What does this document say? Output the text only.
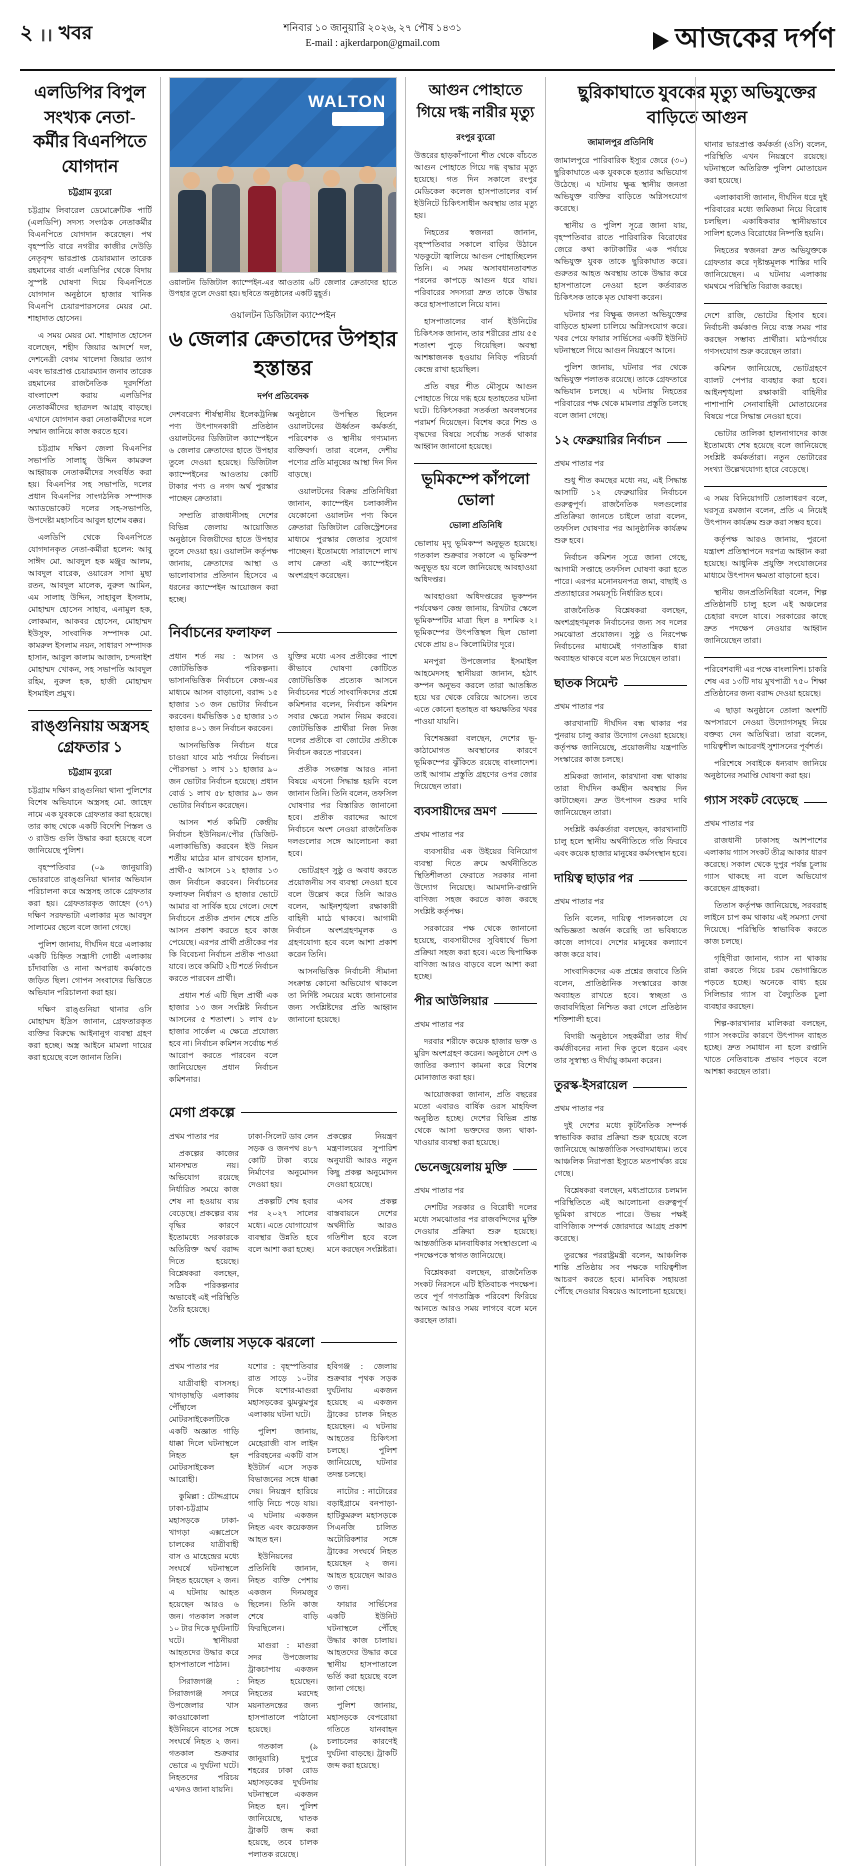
২ ।। খবর	শনিবার ১০ জানুয়ারি ২০২৬, ২৭ পৌষ ১৪৩১
E-mail : ajkerdarpon@gmail.com	আজকের দর্পণ
এলডিপির বিপুল সংখ্যক নেতা-কর্মীর বিএনপিতে যোগদান
চট্টগ্রাম ব্যুরো

চট্টগ্রাম লিবারেল ডেমোক্রেটিক পার্টি (এলডিপি) সদস্য সংগঠক নেতাকর্মীর বিএনপিতে যোগদান করেছেন। পথ বৃহস্পতি বারে নগরীর কাজীর দেউড়ি নেতৃবৃন্দ ভারপ্রাপ্ত চেয়ারম্যান তারেক রহমানের বার্তা এলডিপির থেকে বিদায় সুস্পষ্ট ঘোষণা দিয়ে বিএনপিতে যোগদান অনুষ্ঠানে হাজার খানিক বিএনপি চেয়ারপারসনের মেয়র মো. শাহাদাত হোসেন।

এ সময় মেয়র মো. শাহাদাত হোসেন বলেছেন, শহীদ জিয়ার আদর্শে দল, দেশনেত্রী বেগম খালেদা জিয়ার ত্যাগ এবং ভারপ্রাপ্ত চেয়ারম্যান জনাব তারেক রহমানের রাজনৈতিক দূরদর্শিতা বাংলাদেশ করায় এলডিপির নেতাকর্মীদের ছাত্রদল আগ্রহ বাড়ছে। এখানে যোগদান করা নেতাকর্মীদের দলে সম্মান জানিয়ে কাজ করতে হবে।

চট্টগ্রাম দক্ষিণ জেলা বিএনপির সভাপতি সালাহ্ উদ্দিন কামরুল আহ্বায়ক নেতাকর্মীদের সংবর্ধিত করা হয়। বিএনপির সহ সভাপতি, দলের প্রধান বিএনপির সাংগঠনিক সম্পাদক অ্যাডভোকেট দলের সহ-সভাপতি, উপদেষ্টা মহাসচিব আবুল হাশেম বক্কর।

এলডিপি থেকে বিএনপিতে যোগদানকৃত নেতা-কর্মীরা হলেন: আবু সাঈদ মো. আবদুল হক মঞ্জুর আলম, আবদুল বারেক, ওয়ারেস সাদা মুছা রতন, আবদুল মালেক, নুরুল আমিন, এম সালাহ উদ্দিন, সাহাবুল ইসলাম, মোহাম্মদ হোসেন সাহাব, এনামুল হক, লোকমান, আকবর হোসেন, মোহাম্মদ ইউসুফ, সাংবাদিক সম্পাদক মো. কামরুল ইসলাম নয়ন, সাধারণ সম্পাদক হাসান, আবুল কালাম আজাদ, চন্দনাইশ মোহাম্মদ খোকন, সহ সভাপতি আবদুল রহিম, নুরুল হক, হাজী মোহাম্মদ ইসমাইল প্রমুখ।

রাঙ্গুনিয়ায় অস্ত্রসহ গ্রেফতার ১
চট্টগ্রাম ব্যুরো

চট্টগ্রাম দক্ষিণ রাঙ্গুনিয়া থানা পুলিশের বিশেষ অভিযানে অস্ত্রসহ মো. জাহেদ নামে এক যুবককে গ্রেফতার করা হয়েছে। তার কাছ থেকে একটি বিদেশি পিস্তল ও ৩ রাউন্ড গুলি উদ্ধার করা হয়েছে বলে জানিয়েছে পুলিশ।

বৃহস্পতিবার (০৯ জানুয়ারি) ভোররাতে রাঙ্গুনিয়া থানার অভিযান পরিচালনা করে অস্ত্রসহ তাকে গ্রেফতার করা হয়। গ্রেফতারকৃত জাহেদ (৩৭) দক্ষিণ সরফভাটা এলাকার মৃত আবদুস সালামের ছেলে বলে জানা গেছে।

পুলিশ জানায়, দীর্ঘদিন ধরে এলাকায় একটি চিহ্নিত সন্ত্রাসী গোষ্ঠী এলাকায় চাঁদাবাজি ও নানা অপরাধ কর্মকাণ্ডে জড়িত ছিল। গোপন সংবাদের ভিত্তিতে অভিযান পরিচালনা করা হয়।

দক্ষিণ রাঙ্গুনিয়া থানার ওসি মোহাম্মদ ইদ্রিস জানান, গ্রেফতারকৃত ব্যক্তির বিরুদ্ধে আইনানুগ ব্যবস্থা গ্রহণ করা হচ্ছে। অস্ত্র আইনে মামলা দায়ের করা হয়েছে বলে জানান তিনি।

WALTON
ওয়ালটন ডিজিটাল ক্যাম্পেইন-এর আওতায় ৬টি জেলার ক্রেতাদের হাতে উপহার তুলে দেওয়া হয়। ছবিতে অনুষ্ঠানের একটি মুহূর্ত।
ওয়ালটন ডিজিটাল ক্যাম্পেইন
৬ জেলার ক্রেতাদের উপহার হস্তান্তর
দর্পণ প্রতিবেদক

দেশবরেণ্য শীর্ষস্থানীয় ইলেকট্রনিক্স পণ্য উৎপাদনকারী প্রতিষ্ঠান ওয়ালটনের ডিজিটাল ক্যাম্পেইনে ৬ জেলার ক্রেতাদের হাতে উপহার তুলে দেওয়া হয়েছে। ডিজিটাল ক্যাম্পেইনের আওতায় কোটি টাকার পণ্য ও নগদ অর্থ পুরস্কার পাচ্ছেন ক্রেতারা।

সম্প্রতি রাজধানীসহ দেশের বিভিন্ন জেলায় আয়োজিত অনুষ্ঠানে বিজয়ীদের হাতে উপহার তুলে দেওয়া হয়। ওয়ালটন কর্তৃপক্ষ জানায়, ক্রেতাদের আস্থা ও ভালোবাসার প্রতিদান হিসেবে এ ধরনের ক্যাম্পেইন আয়োজন করা হচ্ছে।

অনুষ্ঠানে উপস্থিত ছিলেন ওয়ালটনের ঊর্ধ্বতন কর্মকর্তা, পরিবেশক ও স্থানীয় গণ্যমান্য ব্যক্তিবর্গ। তারা বলেন, দেশীয় পণ্যের প্রতি মানুষের আস্থা দিন দিন বাড়ছে।

ওয়ালটনের বিক্রয় প্রতিনিধিরা জানান, ক্যাম্পেইন চলাকালীন যেকোনো ওয়ালটন পণ্য কিনে ক্রেতারা ডিজিটাল রেজিস্ট্রেশনের মাধ্যমে পুরস্কার জেতার সুযোগ পাচ্ছেন। ইতোমধ্যে সারাদেশে লাখ লাখ ক্রেতা এই ক্যাম্পেইনে অংশগ্রহণ করেছেন।

নির্বাচনের ফলাফল

প্রধান শর্ত নয় : আসন ও জোটভিত্তিক পরিকল্পনা। ভাসানভিত্তিক নির্বাচনে কেন্দ্র-এর মাধ্যমে আসন বাড়ানো, বরাদ্দ ১৫ হাজার ১৩ জন ভোটার নির্বাচন করবেন। ধর্মভিত্তিক ১৫ হাজার ১৩ হাজার ৪০১ জন নির্বাচন করবেন।

আসনভিত্তিক নির্বাচন ধরে চাওয়া যাবে মাঠ পর্যায়ে নির্বাচন। পৌরসভা ১ লাখ ১১ হাজার ৯০ জন ভোটার নির্বাচন হয়েছে। প্রধান বোর্ড ১ লাখ ৫৮ হাজার ৯০ জন ভোটার নির্বাচন করেছেন।

আসন শর্ত কমিটি কেন্দ্রীয় নির্বাচন ইউনিয়ন/পৌর (ডিজিট-এলাকাভিত্তি) করবেন ইউ নিয়ন শর্তীয় মাঠের মান রাখবেন হাসান, প্রার্থী-৫ আসনে ১২ হাজার ১৩ জন নির্বাচন করবেন। নির্বাচনের ফলাফল নির্ধারণ ও হাজার ভোটে আমার বা সার্বিক হয়ে গেলে। দেশে নির্বাচনে প্রতীক প্রদান শেষে প্রতি আসন প্রকাশ করতে হবে কাজ পেয়েছে। এরপর প্রার্থী প্রতীকের পর কি বিবেচনা নির্বাচন প্রতীক পাওয়া যাবে। তবে কমিটি ২টি শর্তে নির্বাচন করতে পারবেন প্রার্থী।

প্রধান শর্ত এটি ছিল প্রার্থী এক হাজার ১৩ জন সংশ্লিষ্ট নির্বাচন আসনের ৫ শতাংশ। ১ লাখ ৫৮ হাজার সার্কেল এ ক্ষেত্রে প্রযোজ্য হবে না। নির্বাচন কমিশন সর্বোচ্চ শর্ত আরোপ করতে পারবেন বলে জানিয়েছেন প্রধান নির্বাচন কমিশনার।

যুক্তির মধ্যে এসব প্রতীকের পাশে কীভাবে ঘোষণা কোটিতে জোটভিত্তিক প্রত্যেক আসনে নির্বাচনের শর্তে সাংবাদিকদের প্রশ্নে কমিশনার বলেন, নির্বাচন কমিশন সবার ক্ষেত্রে সমান নিয়ম করবে। জোটভিত্তিক প্রার্থীরা নিজ নিজ দলের প্রতীকে বা জোটের প্রতীকে নির্বাচন করতে পারবেন।

প্রতীক সংক্রান্ত আরও নানা বিষয়ে এখনো সিদ্ধান্ত হয়নি বলে জানান তিনি। তিনি বলেন, তফসিল ঘোষণার পর বিস্তারিত জানানো হবে। প্রতীক বরাদ্দের আগে নির্বাচনে অংশ নেওয়া রাজনৈতিক দলগুলোর সঙ্গে আলোচনা করা হবে।

ভোটগ্রহণ সুষ্ঠু ও অবাধ করতে প্রয়োজনীয় সব ব্যবস্থা নেওয়া হবে বলে উল্লেখ করে তিনি আরও বলেন, আইনশৃঙ্খলা রক্ষাকারী বাহিনী মাঠে থাকবে। আগামী নির্বাচন অংশগ্রহণমূলক ও গ্রহণযোগ্য হবে বলে আশা প্রকাশ করেন তিনি।

আসনভিত্তিক নির্বাচনী সীমানা সংক্রান্ত কোনো অভিযোগ থাকলে তা নির্দিষ্ট সময়ের মধ্যে জানানোর জন্য সংশ্লিষ্টদের প্রতি আহ্বান জানানো হয়েছে।

মেগা প্রকল্পে

প্রথম পাতার পর

প্রকল্পের কাজের মানসম্মত নয়। অভিযোগ রয়েছে নির্ধারিত সময়ে কাজ শেষ না হওয়ায় ব্যয় বেড়েছে। প্রকল্পের ব্যয় বৃদ্ধির কারণে ইতোমধ্যে সরকারকে অতিরিক্ত অর্থ বরাদ্দ দিতে হয়েছে। বিশ্লেষকরা বলছেন, সঠিক পরিকল্পনার অভাবেই এই পরিস্থিতি তৈরি হয়েছে।

ঢাকা-সিলেট ডাব লেন সড়ক ও জনপথ ৪৮৭ কোটি টাকা ব্যয়ে নির্মাণের অনুমোদন দেওয়া হয়।

প্রকল্পটি শেষ হবার পর ২০২৭ সালের মধ্যে। এতে যোগাযোগ ব্যবস্থার উন্নতি হবে বলে আশা করা হচ্ছে।

প্রকল্পের নিয়ন্ত্রণ মন্ত্রণালয়ের সুপারিশ অনুযায়ী আরও নতুন কিছু প্রকল্প অনুমোদন দেওয়া হয়েছে।

এসব প্রকল্প বাস্তবায়নে দেশের অর্থনীতি আরও গতিশীল হবে বলে মনে করছেন সংশ্লিষ্টরা।

পাঁচ জেলায় সড়কে ঝরলো

প্রথম পাতার পর

যাত্রীবাহী বাসসহ। খাগড়াছড়ি এলাকায় পৌঁছালে মোটরসাইকেলটিকে একটি অজ্ঞাত গাড়ি ধাক্কা দিলে ঘটনাস্থলে নিহত হন মোটরসাইকেল আরোহী।

কুমিল্লা : চৌদ্দগ্রামে ঢাকা-চট্টগ্রাম মহাসড়কে ঢাকা-খাগড়া এক্সপ্রেসে চালকের যাত্রীবাহী বাস ও মাহেন্দ্রের মধ্যে সংঘর্ষে ঘটনাস্থলে নিহত হয়েছেন ২ জন। এ ঘটনায় আহত হয়েছেন আরও ৬ জন। গতকাল সকাল ১০ টার দিকে দুর্ঘটনাটি ঘটে। স্থানীয়রা আহতদের উদ্ধার করে হাসপাতালে পাঠান।

সিরাজগঞ্জ : সিরাজগঞ্জ সদরে উপজেলার খাস কাওয়াকোলা ইউনিয়নে বাসের সঙ্গে সংঘর্ষে নিহত ২ জন। গতকাল শুক্রবার ভোরে এ দুর্ঘটনা ঘটে। নিহতদের পরিচয় এখনও জানা যায়নি।

যশোর : বৃহস্পতিবার রাত সাড়ে ১০টার দিকে যশোর-মাগুরা মহাসড়কের ঝুমঝুমপুর এলাকায় ঘটনা ঘটে।

পুলিশ জানায়, মেহেরাজী বাস লাইন পরিবহনের একটি বাস ইউটার্ন এসে সড়ক বিভাজনের সঙ্গে ধাক্কা দেয়। নিয়ন্ত্রণ হারিয়ে গাড়ি নিচে পড়ে যায়। এ ঘটনায় একজন নিহত এবং কয়েকজন আহত হন।

ইউনিয়নের প্রতিনিধি জানান, নিহত ব্যক্তি পেশায় একজন দিনমজুর ছিলেন। তিনি কাজ শেষে বাড়ি ফিরছিলেন।

মাগুরা : মাগুরা সদর উপজেলায় ট্রাকচাপায় একজন নিহত হয়েছেন। নিহতের মরদেহ ময়নাতদন্তের জন্য হাসপাতালে পাঠানো হয়েছে।

গতকাল (৯ জানুয়ারি) দুপুরে শহরের ঢাকা রোড মহাসড়কের দুর্ঘটনায় ঘটনাস্থলে একজন নিহত হন। পুলিশ জানিয়েছে, ঘাতক ট্রাকটি জব্দ করা হয়েছে, তবে চালক পলাতক রয়েছে।

হবিগঞ্জ : জেলায় শুক্রবার পৃথক সড়ক দুর্ঘটনায় একজন হয়েছে এ একজন ট্রাকের চালক নিহত হয়েছেন। এ ঘটনায় আহতের চিকিৎসা চলছে। পুলিশ জানিয়েছে, ঘটনার তদন্ত চলছে।

নাটোর : নাটোরের বড়াইগ্রামে বনপাড়া-হাটিকুমরুল মহাসড়কে সিএনজি চালিত অটোরিকশার সঙ্গে ট্রাকের সংঘর্ষে নিহত হয়েছেন ২ জন। আহত হয়েছেন আরও ৩ জন।

ফায়ার সার্ভিসের একটি ইউনিট ঘটনাস্থলে পৌঁছে উদ্ধার কাজ চালায়। আহতদের উদ্ধার করে স্থানীয় হাসপাতালে ভর্তি করা হয়েছে বলে জানা গেছে।

পুলিশ জানায়, মহাসড়কে বেপরোয়া গতিতে যানবাহন চলাচলের কারণেই দুর্ঘটনা বাড়ছে। ট্রাকটি জব্দ করা হয়েছে।

আগুন পোহাতে গিয়ে দগ্ধ নারীর মৃত্যু
রংপুর ব্যুরো

উত্তরের হাড়কাঁপানো শীত থেকে বাঁচতে আগুন পোহাতে গিয়ে দগ্ধ বৃদ্ধার মৃত্যু হয়েছে। গত দিন সকালে রংপুর মেডিকেল কলেজ হাসপাতালের বার্ন ইউনিটে চিকিৎসাধীন অবস্থায় তার মৃত্যু হয়।

নিহতের স্বজনরা জানান, বৃহস্পতিবার সকালে বাড়ির উঠানে খড়কুটো জ্বালিয়ে আগুন পোহাচ্ছিলেন তিনি। এ সময় অসাবধানতাবশত পরনের কাপড়ে আগুন ধরে যায়। পরিবারের সদস্যরা দ্রুত তাকে উদ্ধার করে হাসপাতালে নিয়ে যান।

হাসপাতালের বার্ন ইউনিটের চিকিৎসক জানান, তার শরীরের প্রায় ৫৫ শতাংশ পুড়ে গিয়েছিল। অবস্থা আশঙ্কাজনক হওয়ায় নিবিড় পরিচর্যা কেন্দ্রে রাখা হয়েছিল।

প্রতি বছর শীত মৌসুমে আগুন পোহাতে গিয়ে দগ্ধ হয়ে হতাহতের ঘটনা ঘটে। চিকিৎসকরা সতর্কতা অবলম্বনের পরামর্শ দিয়েছেন। বিশেষ করে শিশু ও বৃদ্ধদের বিষয়ে সর্বোচ্চ সতর্ক থাকার আহ্বান জানানো হয়েছে।

ভূমিকম্পে কাঁপলো ভোলা
ভোলা প্রতিনিধি

ভোলায় মৃদু ভূমিকম্প অনুভূত হয়েছে। গতকাল শুক্রবার সকালে এ ভূমিকম্প অনুভূত হয় বলে জানিয়েছে আবহাওয়া অধিদপ্তর।

আবহাওয়া অধিদপ্তরের ভূকম্পন পর্যবেক্ষণ কেন্দ্র জানায়, রিখটার স্কেলে ভূমিকম্পটির মাত্রা ছিল ৪ দশমিক ২। ভূমিকম্পের উৎপত্তিস্থল ছিল ভোলা থেকে প্রায় ৪০ কিলোমিটার দূরে।

মনপুরা উপজেলার ইসমাইল আহমেদসহ স্থানীয়রা জানান, হঠাৎ কম্পন অনুভব করলে তারা আতঙ্কিত হয়ে ঘর থেকে বেরিয়ে আসেন। তবে এতে কোনো হতাহত বা ক্ষয়ক্ষতির খবর পাওয়া যায়নি।

বিশেষজ্ঞরা বলছেন, দেশের ভূ-কাঠামোগত অবস্থানের কারণে ভূমিকম্পের ঝুঁকিতে রয়েছে বাংলাদেশ। তাই আগাম প্রস্তুতি গ্রহণের ওপর জোর দিয়েছেন তারা।

ব্যবসায়ীদের ভ্রমণ

প্রথম পাতার পর

ব্যবসায়ীর এক উইয়ের বিনিয়োগ ব্যবস্থা দিতে ক্রমে অর্থনীতিতে স্থিতিশীলতা ফেরাতে সরকার নানা উদ্যোগ নিয়েছে। আমদানি-রপ্তানি বাণিজ্য সহজ করতে কাজ করছে সংশ্লিষ্ট কর্তৃপক্ষ।

সরকারের পক্ষ থেকে জানানো হয়েছে, ব্যবসায়ীদের সুবিধার্থে ভিসা প্রক্রিয়া সহজ করা হবে। এতে দ্বিপাক্ষিক বাণিজ্য আরও বাড়বে বলে আশা করা হচ্ছে।

পীর আউলিয়ার

প্রথম পাতার পর

দরবার শরীফে কয়েক হাজার ভক্ত ও মুরিদ অংশগ্রহণ করেন। অনুষ্ঠানে দেশ ও জাতির কল্যাণ কামনা করে বিশেষ মোনাজাত করা হয়।

আয়োজকরা জানান, প্রতি বছরের মতো এবারও বার্ষিক ওরস মাহফিল অনুষ্ঠিত হচ্ছে। দেশের বিভিন্ন প্রান্ত থেকে আসা ভক্তদের জন্য থাকা-খাওয়ার ব্যবস্থা করা হয়েছে।

ভেনেজুয়েলায় মুক্তি

প্রথম পাতার পর

দেশটির সরকার ও বিরোধী দলের মধ্যে সমঝোতার পর রাজবন্দিদের মুক্তি দেওয়ার প্রক্রিয়া শুরু হয়েছে। আন্তর্জাতিক মানবাধিকার সংস্থাগুলো এ পদক্ষেপকে স্বাগত জানিয়েছে।

বিশ্লেষকরা বলছেন, রাজনৈতিক সংকট নিরসনে এটি ইতিবাচক পদক্ষেপ। তবে পূর্ণ গণতান্ত্রিক পরিবেশ ফিরিয়ে আনতে আরও সময় লাগবে বলে মনে করছেন তারা।

ছুরিকাঘাতে যুবকের মৃত্যু অভিযুক্তের বাড়িতে আগুন
জামালপুর প্রতিনিধি

জামালপুরে পারিবারিক ইস্যুর জেরে (৩০) ছুরিকাঘাতে এক যুবককে হত্যার অভিযোগ উঠেছে। এ ঘটনায় ক্ষুব্ধ স্থানীয় জনতা অভিযুক্ত ব্যক্তির বাড়িতে অগ্নিসংযোগ করেছে।

স্থানীয় ও পুলিশ সূত্রে জানা যায়, বৃহস্পতিবার রাতে পারিবারিক বিরোধের জেরে কথা কাটাকাটির এক পর্যায়ে অভিযুক্ত যুবক তাকে ছুরিকাঘাত করে। গুরুতর আহত অবস্থায় তাকে উদ্ধার করে হাসপাতালে নেওয়া হলে কর্তব্যরত চিকিৎসক তাকে মৃত ঘোষণা করেন।

ঘটনার পর বিক্ষুব্ধ জনতা অভিযুক্তের বাড়িতে হামলা চালিয়ে অগ্নিসংযোগ করে। খবর পেয়ে ফায়ার সার্ভিসের একটি ইউনিট ঘটনাস্থলে গিয়ে আগুন নিয়ন্ত্রণে আনে।

পুলিশ জানায়, ঘটনার পর থেকে অভিযুক্ত পলাতক রয়েছে। তাকে গ্রেফতারে অভিযান চলছে। এ ঘটনায় নিহতের পরিবারের পক্ষ থেকে মামলার প্রস্তুতি চলছে বলে জানা গেছে।

১২ ফেব্রুয়ারির নির্বাচন

প্রথম পাতার পর

শুধু শীত কমছের মধ্যে নয়, এই সিদ্ধান্ত আসাটি ১২ ফেব্রুয়ারির নির্বাচনে গুরুত্বপূর্ণ। রাজনৈতিক দলগুলোর প্রতিক্রিয়া জানতে চাইলে তারা বলেন, তফসিল ঘোষণার পর আনুষ্ঠানিক কার্যক্রম শুরু হবে।

নির্বাচন কমিশন সূত্রে জানা গেছে, আগামী সপ্তাহে তফসিল ঘোষণা করা হতে পারে। এরপর মনোনয়নপত্র জমা, বাছাই ও প্রত্যাহারের সময়সূচি নির্ধারিত হবে।

রাজনৈতিক বিশ্লেষকরা বলছেন, অংশগ্রহণমূলক নির্বাচনের জন্য সব দলের সমঝোতা প্রয়োজন। সুষ্ঠু ও নিরপেক্ষ নির্বাচনের মাধ্যমেই গণতান্ত্রিক ধারা অব্যাহত থাকবে বলে মত দিয়েছেন তারা।

ছাতক সিমেন্ট

প্রথম পাতার পর

কারখানাটি দীর্ঘদিন বন্ধ থাকার পর পুনরায় চালু করার উদ্যোগ নেওয়া হয়েছে। কর্তৃপক্ষ জানিয়েছে, প্রয়োজনীয় যন্ত্রপাতি সংস্কারের কাজ চলছে।

শ্রমিকরা জানান, কারখানা বন্ধ থাকায় তারা দীর্ঘদিন কর্মহীন অবস্থায় দিন কাটাচ্ছেন। দ্রুত উৎপাদন শুরুর দাবি জানিয়েছেন তারা।

সংশ্লিষ্ট কর্মকর্তারা বলছেন, কারখানাটি চালু হলে স্থানীয় অর্থনীতিতে গতি ফিরবে এবং কয়েক হাজার মানুষের কর্মসংস্থান হবে।

দায়িত্ব ছাড়ার পর

প্রথম পাতার পর

তিনি বলেন, দায়িত্ব পালনকালে যে অভিজ্ঞতা অর্জন করেছি তা ভবিষ্যতে কাজে লাগবে। দেশের মানুষের কল্যাণে কাজ করে যাব।

সাংবাদিকদের এক প্রশ্নের জবাবে তিনি বলেন, প্রাতিষ্ঠানিক সংস্কারের কাজ অব্যাহত রাখতে হবে। স্বচ্ছতা ও জবাবদিহিতা নিশ্চিত করা গেলে প্রতিষ্ঠান শক্তিশালী হবে।

বিদায়ী অনুষ্ঠানে সহকর্মীরা তার দীর্ঘ কর্মজীবনের নানা দিক তুলে ধরেন এবং তার সুস্বাস্থ্য ও দীর্ঘায়ু কামনা করেন।

তুরস্ক-ইসরায়েল

প্রথম পাতার পর

দুই দেশের মধ্যে কূটনৈতিক সম্পর্ক স্বাভাবিক করার প্রক্রিয়া শুরু হয়েছে বলে জানিয়েছে আন্তর্জাতিক সংবাদমাধ্যম। তবে আঞ্চলিক নিরাপত্তা ইস্যুতে মতপার্থক্য রয়ে গেছে।

বিশ্লেষকরা বলছেন, মধ্যপ্রাচ্যের চলমান পরিস্থিতিতে এই আলোচনা গুরুত্বপূর্ণ ভূমিকা রাখতে পারে। উভয় পক্ষই বাণিজ্যিক সম্পর্ক জোরদারে আগ্রহ প্রকাশ করেছে।

তুরস্কের পররাষ্ট্রমন্ত্রী বলেন, আঞ্চলিক শান্তি প্রতিষ্ঠায় সব পক্ষকে দায়িত্বশীল আচরণ করতে হবে। মানবিক সহায়তা পৌঁছে দেওয়ার বিষয়েও আলোচনা হয়েছে।

থানার ভারপ্রাপ্ত কর্মকর্তা (ওসি) বলেন, পরিস্থিতি এখন নিয়ন্ত্রণে রয়েছে। ঘটনাস্থলে অতিরিক্ত পুলিশ মোতায়েন করা হয়েছে।

এলাকাবাসী জানান, দীর্ঘদিন ধরে দুই পরিবারের মধ্যে জমিজমা নিয়ে বিরোধ চলছিল। একাধিকবার স্থানীয়ভাবে সালিশ হলেও বিরোধের নিষ্পত্তি হয়নি।

নিহতের স্বজনরা দ্রুত অভিযুক্তকে গ্রেফতার করে দৃষ্টান্তমূলক শাস্তির দাবি জানিয়েছেন। এ ঘটনায় এলাকায় থমথমে পরিস্থিতি বিরাজ করছে।

দেশে রাজি, ভোটের হিসাব হবে। নির্বাচনী কর্মকাণ্ড নিয়ে ব্যস্ত সময় পার করছেন সম্ভাব্য প্রার্থীরা। মাঠপর্যায়ে গণসংযোগ শুরু করেছেন তারা।

কমিশন জানিয়েছে, ভোটগ্রহণে ব্যালট পেপার ব্যবহার করা হবে। আইনশৃঙ্খলা রক্ষাকারী বাহিনীর পাশাপাশি সেনাবাহিনী মোতায়েনের বিষয়ে পরে সিদ্ধান্ত নেওয়া হবে।

ভোটার তালিকা হালনাগাদের কাজ ইতোমধ্যে শেষ হয়েছে বলে জানিয়েছে সংশ্লিষ্ট কর্মকর্তারা। নতুন ভোটারের সংখ্যা উল্লেখযোগ্য হারে বেড়েছে।

এ সময় বিনিয়োগটি তোলাধরণ বলে, ঘরসূত্র রমজান বলেন, প্রতি এ নিয়েই উৎপাদন কার্যক্রম শুরু করা সম্ভব হবে।

কর্তৃপক্ষ আরও জানায়, পুরনো যন্ত্রাংশ প্রতিস্থাপনে দরপত্র আহ্বান করা হয়েছে। আধুনিক প্রযুক্তি সংযোজনের মাধ্যমে উৎপাদন ক্ষমতা বাড়ানো হবে।

স্থানীয় জনপ্রতিনিধিরা বলেন, শিল্প প্রতিষ্ঠানটি চালু হলে এই অঞ্চলের চেহারা বদলে যাবে। সরকারের কাছে দ্রুত পদক্ষেপ নেওয়ার আহ্বান জানিয়েছেন তারা।

পরিবেশবাদী এর পক্ষে বাংলাদিশ। চাকরি শেষ এর ১৩টি দায় মুখপাত্রী ৭৫০ শিক্ষা প্রতিষ্ঠানের জন্য বরাদ্দ দেওয়া হয়েছে।

এ ছাড়া অনুষ্ঠানে তোলা অংশটি অপসারণে নেওয়া উদ্যোগসমূহ নিয়ে বক্তব্য দেন অতিথিরা। তারা বলেন, দায়িত্বশীল আচরণই সুশাসনের পূর্বশর্ত।

পরিশেষে সবাইকে ধন্যবাদ জানিয়ে অনুষ্ঠানের সমাপ্তি ঘোষণা করা হয়।

গ্যাস সংকট বেড়েছে

প্রথম পাতার পর

রাজধানী ঢাকাসহ আশপাশের এলাকায় গ্যাস সংকট তীব্র আকার ধারণ করেছে। সকাল থেকে দুপুর পর্যন্ত চুলায় গ্যাস থাকছে না বলে অভিযোগ করেছেন গ্রাহকরা।

তিতাস কর্তৃপক্ষ জানিয়েছে, সরবরাহ লাইনে চাপ কম থাকায় এই সমস্যা দেখা দিয়েছে। পরিস্থিতি স্বাভাবিক করতে কাজ চলছে।

গৃহিণীরা জানান, গ্যাস না থাকায় রান্না করতে গিয়ে চরম ভোগান্তিতে পড়তে হচ্ছে। অনেকে বাধ্য হয়ে সিলিন্ডার গ্যাস বা বৈদ্যুতিক চুলা ব্যবহার করছেন।

শিল্প-কারখানার মালিকরা বলছেন, গ্যাস সংকটের কারণে উৎপাদন ব্যাহত হচ্ছে। দ্রুত সমাধান না হলে রপ্তানি খাতে নেতিবাচক প্রভাব পড়বে বলে আশঙ্কা করছেন তারা।
